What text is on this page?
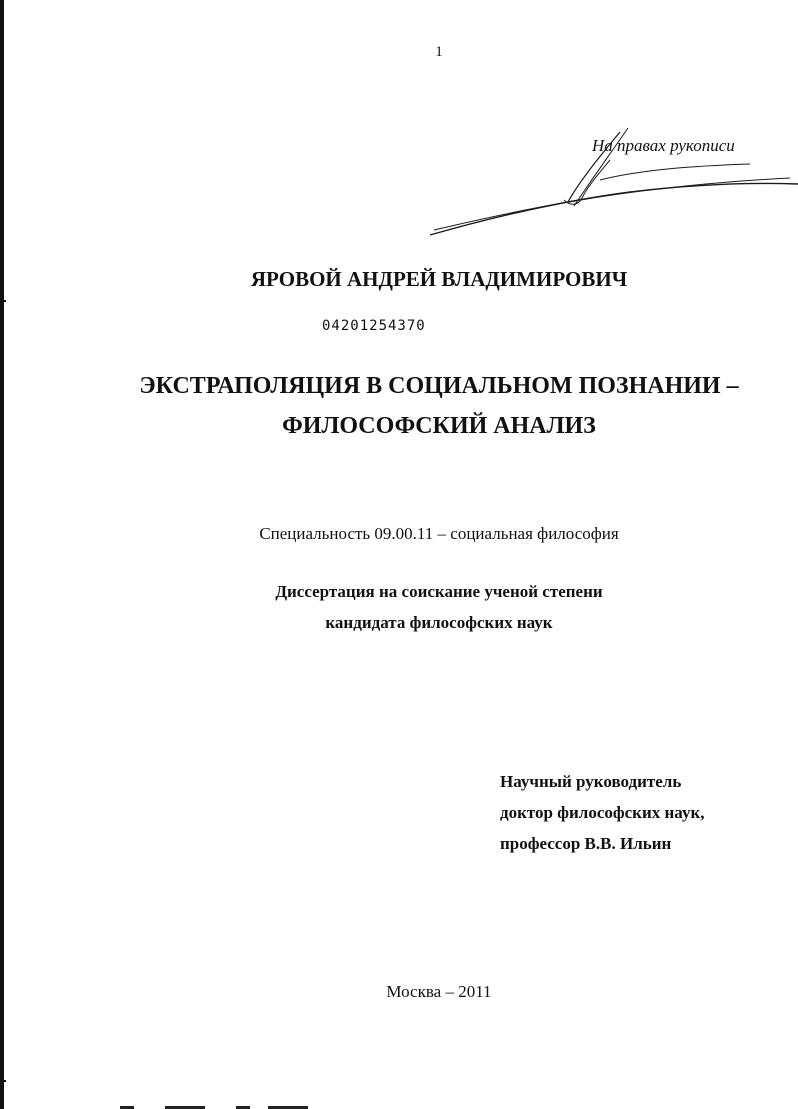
1
На правах рукописи
ЯРОВОЙ АНДРЕЙ ВЛАДИМИРОВИЧ
04201254370
ЭКСТРАПОЛЯЦИЯ В СОЦИАЛЬНОМ ПОЗНАНИИ –
ФИЛОСОФСКИЙ АНАЛИЗ
Специальность 09.00.11 – социальная философия
Диссертация на соискание ученой степени
кандидата философских наук
Научный руководитель
доктор философских наук,
профессор В.В. Ильин
Москва – 2011
